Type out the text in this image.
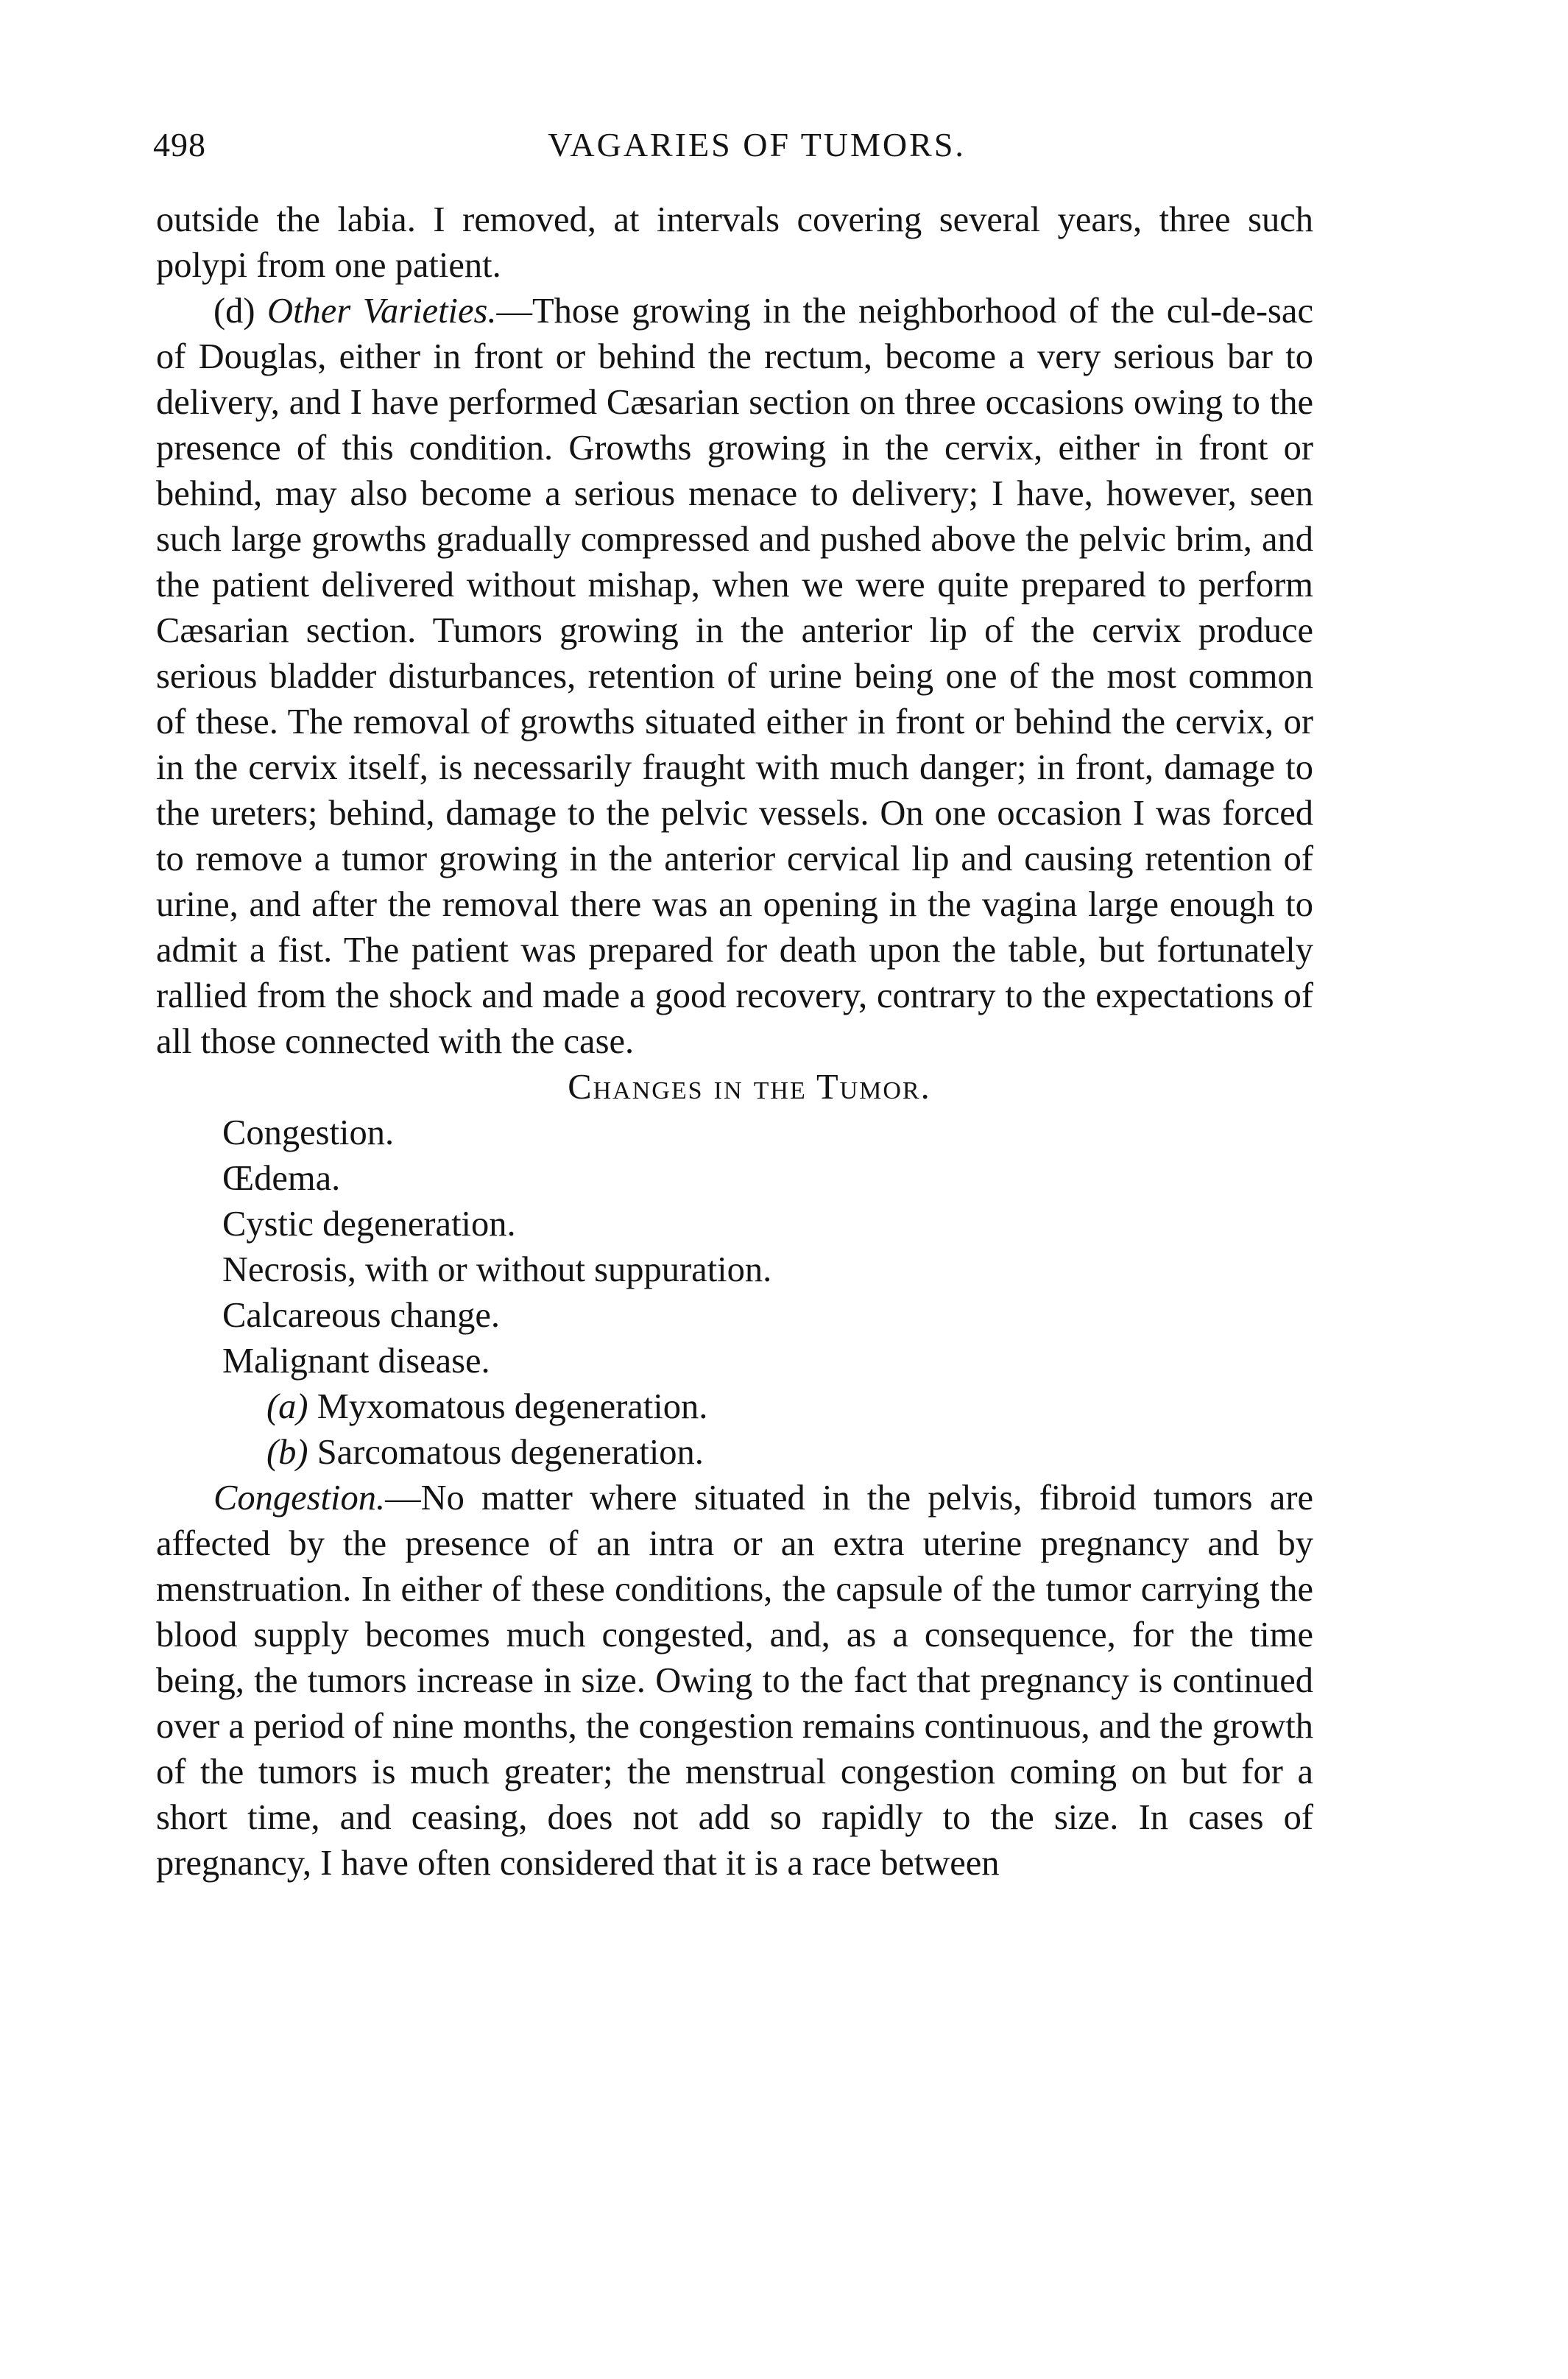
498	VAGARIES OF TUMORS.

outside the labia. I removed, at intervals covering several years, three such polypi from one patient.

(d) Other Varieties.—Those growing in the neighborhood of the cul-de-sac of Douglas, either in front or behind the rectum, become a very serious bar to delivery, and I have performed Cæsarian section on three occasions owing to the presence of this condition. Growths growing in the cervix, either in front or behind, may also become a serious menace to delivery; I have, however, seen such large growths gradually compressed and pushed above the pelvic brim, and the patient delivered without mishap, when we were quite prepared to perform Cæsarian section. Tumors growing in the anterior lip of the cervix produce serious bladder disturbances, retention of urine being one of the most common of these. The removal of growths situated either in front or behind the cervix, or in the cervix itself, is necessarily fraught with much danger; in front, damage to the ureters; behind, damage to the pelvic vessels. On one occasion I was forced to remove a tumor growing in the anterior cervical lip and causing retention of urine, and after the removal there was an opening in the vagina large enough to admit a fist. The patient was prepared for death upon the table, but fortunately rallied from the shock and made a good recovery, contrary to the expectations of all those connected with the case.

Changes in the Tumor.

Congestion.
Œdema.
Cystic degeneration.
Necrosis, with or without suppuration.
Calcareous change.
Malignant disease.
(a) Myxomatous degeneration.
(b) Sarcomatous degeneration.

Congestion.—No matter where situated in the pelvis, fibroid tumors are affected by the presence of an intra or an extra uterine pregnancy and by menstruation. In either of these conditions, the capsule of the tumor carrying the blood supply becomes much congested, and, as a consequence, for the time being, the tumors increase in size. Owing to the fact that pregnancy is continued over a period of nine months, the congestion remains continuous, and the growth of the tumors is much greater; the menstrual congestion coming on but for a short time, and ceasing, does not add so rapidly to the size. In cases of pregnancy, I have often considered that it is a race between
